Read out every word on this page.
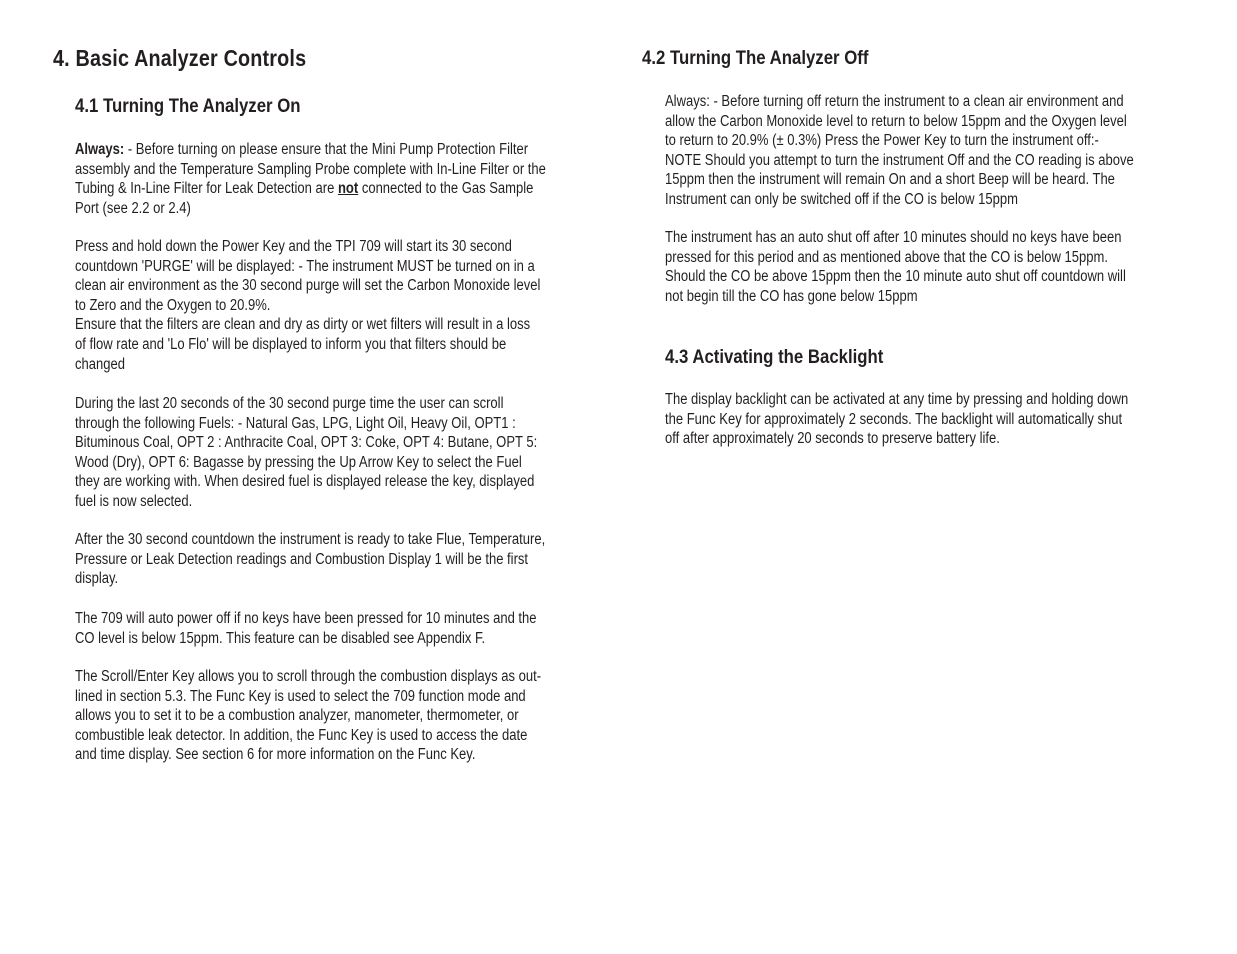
4. Basic Analyzer Controls
4.1 Turning The Analyzer On
Always: - Before turning on please ensure that the Mini Pump Protection Filter
assembly and the Temperature Sampling Probe complete with In-Line Filter or the
Tubing & In-Line Filter for Leak Detection are not connected to the Gas Sample
Port (see 2.2 or 2.4)
Press and hold down the Power Key and the TPI 709 will start its 30 second
countdown 'PURGE' will be displayed: - The instrument MUST be turned on in a
clean air environment as the 30 second purge will set the Carbon Monoxide level
to Zero and the Oxygen to 20.9%.
Ensure that the filters are clean and dry as dirty or wet filters will result in a loss
of flow rate and 'Lo Flo' will be displayed to inform you that filters should be
changed
During the last 20 seconds of the 30 second purge time the user can scroll
through the following Fuels: - Natural Gas, LPG, Light Oil, Heavy Oil, OPT1 :
Bituminous Coal, OPT 2 : Anthracite Coal, OPT 3: Coke, OPT 4: Butane, OPT 5:
Wood (Dry), OPT 6: Bagasse by pressing the Up Arrow Key to select the Fuel
they are working with. When desired fuel is displayed release the key, displayed
fuel is now selected.
After the 30 second countdown the instrument is ready to take Flue, Temperature,
Pressure or Leak Detection readings and Combustion Display 1 will be the first
display.
The 709 will auto power off if no keys have been pressed for 10 minutes and the
CO level is below 15ppm. This feature can be disabled see Appendix F.
The Scroll/Enter Key allows you to scroll through the combustion displays as out-
lined in section 5.3. The Func Key is used to select the 709 function mode and
allows you to set it to be a combustion analyzer, manometer, thermometer, or
combustible leak detector. In addition, the Func Key is used to access the date
and time display. See section 6 for more information on the Func Key.
4.2 Turning The Analyzer Off
Always: - Before turning off return the instrument to a clean air environment and
allow the Carbon Monoxide level to return to below 15ppm and the Oxygen level
to return to 20.9% (± 0.3%) Press the Power Key to turn the instrument off:-
NOTE Should you attempt to turn the instrument Off and the CO reading is above
15ppm then the instrument will remain On and a short Beep will be heard. The
Instrument can only be switched off if the CO is below 15ppm
The instrument has an auto shut off after 10 minutes should no keys have been
pressed for this period and as mentioned above that the CO is below 15ppm.
Should the CO be above 15ppm then the 10 minute auto shut off countdown will
not begin till the CO has gone below 15ppm
4.3 Activating the Backlight
The display backlight can be activated at any time by pressing and holding down
the Func Key for approximately 2 seconds. The backlight will automatically shut
off after approximately 20 seconds to preserve battery life.
